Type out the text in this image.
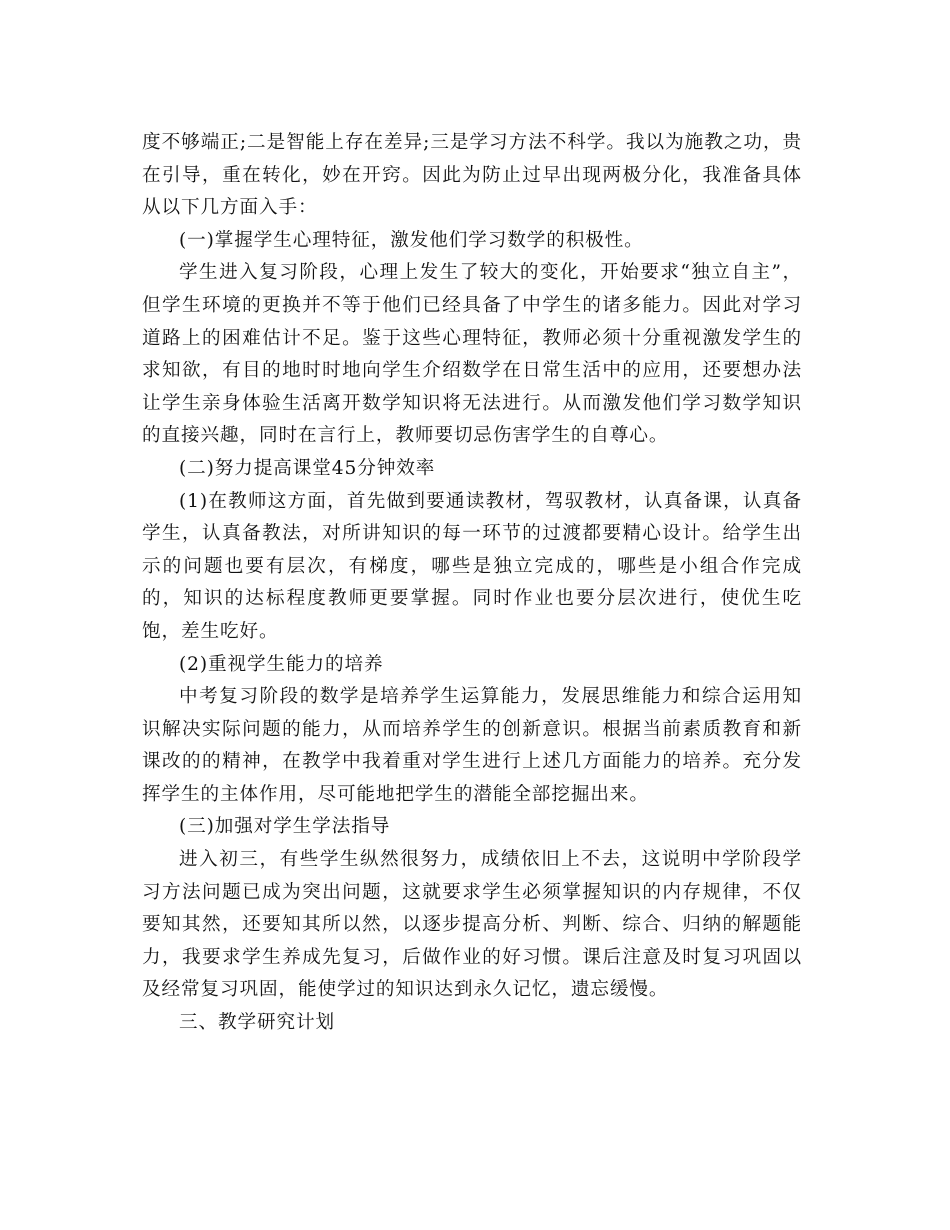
度不够端正;二是智能上存在差异;三是学习方法不科学。我以为施教之功，贵在引导，重在转化，妙在开窍。因此为防止过早出现两极分化，我准备具体从以下几方面入手：

(一)掌握学生心理特征，激发他们学习数学的积极性。

学生进入复习阶段，心理上发生了较大的变化，开始要求“独立自主”，但学生环境的更换并不等于他们已经具备了中学生的诸多能力。因此对学习道路上的困难估计不足。鉴于这些心理特征，教师必须十分重视激发学生的求知欲，有目的地时时地向学生介绍数学在日常生活中的应用，还要想办法让学生亲身体验生活离开数学知识将无法进行。从而激发他们学习数学知识的直接兴趣，同时在言行上，教师要切忌伤害学生的自尊心。

(二)努力提高课堂45分钟效率

(1)在教师这方面，首先做到要通读教材，驾驭教材，认真备课，认真备学生，认真备教法，对所讲知识的每一环节的过渡都要精心设计。给学生出示的问题也要有层次，有梯度，哪些是独立完成的，哪些是小组合作完成的，知识的达标程度教师更要掌握。同时作业也要分层次进行，使优生吃饱，差生吃好。

(2)重视学生能力的培养

中考复习阶段的数学是培养学生运算能力，发展思维能力和综合运用知识解决实际问题的能力，从而培养学生的创新意识。根据当前素质教育和新课改的的精神，在教学中我着重对学生进行上述几方面能力的培养。充分发挥学生的主体作用，尽可能地把学生的潜能全部挖掘出来。

(三)加强对学生学法指导

进入初三，有些学生纵然很努力，成绩依旧上不去，这说明中学阶段学习方法问题已成为突出问题，这就要求学生必须掌握知识的内存规律，不仅要知其然，还要知其所以然，以逐步提高分析、判断、综合、归纳的解题能力，我要求学生养成先复习，后做作业的好习惯。课后注意及时复习巩固以及经常复习巩固，能使学过的知识达到永久记忆，遗忘缓慢。

三、教学研究计划
